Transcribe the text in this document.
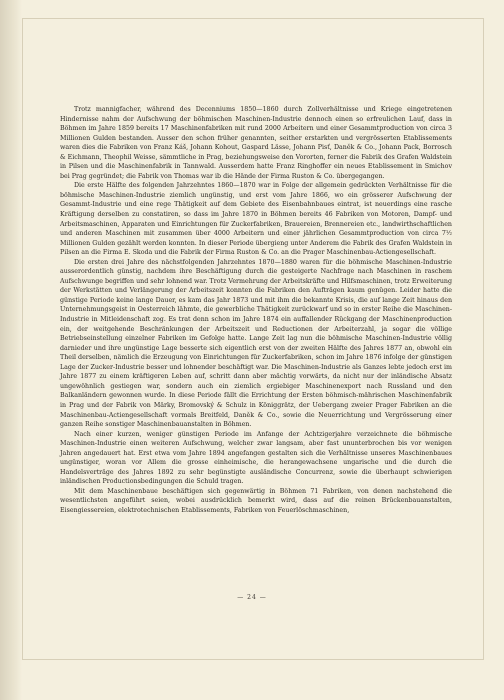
Trotz mannigfacher, während des Decenniums 1850—1860 durch Zollverhältnisse und Kriege eingetretenen Hindernisse nahm der Aufschwung der böhmischen Maschinen-Industrie dennoch einen so erfreulichen Lauf, dass in Böhmen im Jahre 1859 bereits 17 Maschinenfabriken mit rund 2000 Arbeitern und einer Gesammtproduction von circa 3 Millionen Gulden bestanden. Ausser den schon früher genannten, seither erstarkten und vergrösserten Etablissements waren dies die Fabriken von Franz Káš, Johann Kohout, Gaspard Lässe, Johann Pisť, Daněk & Co., Johann Pack, Borrosch & Eichmann, Theophil Weisse, sämmtliche in Prag, beziehungsweise den Vororten, ferner die Fabrik des Grafen Waldstein in Pilsen und die Maschinenfabrik in Tannwald. Ausserdem hatte Franz Ringhoffer ein neues Etablissement in Smichov bei Prag gegründet; die Fabrik von Thomas war ib die Hände der Firma Ruston & Co. übergegangen.

Die erste Hälfte des folgenden Jahrzehntes 1860—1870 war in Folge der allgemein gedrückten Verhältnisse für die böhmische Maschinen-Industrie ziemlich ungünstig, und erst vom Jahre 1866, wo ein grösserer Aufschwung der Gesammt-Industrie und eine rege Thätigkeit auf dem Gebiete des Eisenbahnbaues eintrat, ist neuerdings eine rasche Kräftigung derselben zu constatiren, so dass im Jahre 1870 in Böhmen bereits 46 Fabriken von Motoren, Dampf- und Arbeitsmaschinen, Apparaten und Einrichtungen für Zuckerfabriken, Brauereien, Brennereien etc., landwirthschaftlichen und anderen Maschinen mit zusammen über 4000 Arbeitern und einer jährlichen Gesammtproduction von circa 7½ Millionen Gulden gezählt werden konnten. In dieser Periode übergieng unter Anderem die Fabrik des Grafen Waldstein in Pilsen an die Firma E. Skoda und die Fabrik der Firma Ruston & Co. an die Prager Maschinenbau-Actiengesellschaft.

Die ersten drei Jahre des nächstfolgenden Jahrzehntes 1870—1880 waren für die böhmische Maschinen-Industrie ausserordentlich günstig, nachdem ihre Beschäftigung durch die gesteigerte Nachfrage nach Maschinen in raschem Aufschwunge begriffen und sehr lohnend war. Trotz Vermehrung der Arbeitskräfte und Hilfsmaschinen, trotz Erweiterung der Werkstätten und Verlängerung der Arbeitszeit konnten die Fabriken den Aufträgen kaum genügen. Leider hatte die günstige Periode keine lange Dauer, es kam das Jahr 1873 und mit ihm die bekannte Krisis, die auf lange Zeit hinaus den Unternehmungsgeist in Oesterreich lähmte, die gewerbliche Thätigkeit zurückwarf und so in erster Reihe die Maschinen-Industrie in Mitleidenschaft zog. Es trat denn schon im Jahre 1874 ein auffallender Rückgang der Maschinenproduction ein, der weitgehende Beschränkungen der Arbeitszeit und Reductionen der Arbeiterzahl, ja sogar die völlige Betriebseinstellung einzelner Fabriken im Gefolge hatte. Lange Zeit lag nun die böhmische Maschinen-Industrie völlig darnieder und ihre ungünstige Lage besserte sich eigentlich erst von der zweiten Hälfte des Jahres 1877 an, obwohl ein Theil derselben, nämlich die Erzeugung von Einrichtungen für Zuckerfabriken, schon im Jahre 1876 infolge der günstigen Lage der Zucker-Industrie besser und lohnender beschäftigt war. Die Maschinen-Industrie als Ganzes lebte jedoch erst im Jahre 1877 zu einem kräftigeren Leben auf, schritt dann aber mächtig vorwärts, da nicht nur der inländische Absatz ungewöhnlich gestiegen war, sondern auch ein ziemlich ergiebiger Maschinenexport nach Russland und den Balkanländern gewonnen wurde. In diese Periode fällt die Errichtung der Ersten böhmisch-mährischen Maschinenfabrik in Prag und der Fabrik von Märky, Bromovský & Schulz in Königgrätz, der Uebergang zweier Prager Fabriken an die Maschinenbau-Actiengesellschaft vormals Breitfeld, Daněk & Co., sowie die Neuerrichtung und Vergrösserung einer ganzen Reihe sonstiger Maschinenbauanstalten in Böhmen.

Nach einer kurzen, weniger günstigen Periode im Anfange der Achtzigerjahre verzeichnete die böhmische Maschinen-Industrie einen weiteren Aufschwung, welcher zwar langsam, aber fast ununterbrochen bis vor wenigen Jahren angedauert hat. Erst etwa vom Jahre 1894 angefangen gestalten sich die Verhältnisse unseres Maschinenbaues ungünstiger, woran vor Allem die grosse einheimische, die herangewachsene ungarische und die durch die Handelsverträge des Jahres 1892 zu sehr begünstigte ausländische Concurrenz, sowie die überhaupt schwierigen inländischen Productionsbedingungen die Schuld tragen.

Mit dem Maschinenbaue beschäftigen sich gegenwärtig in Böhmen 71 Fabriken, von denen nachstehend die wesentlichsten angeführt seien, wobei ausdrücklich bemerkt wird, dass auf die reinen Brückenbauanstalten, Eisengiessereien, elektrotechnischen Etablissements, Fabriken von Feuerlöschmaschinen,

— 24 —
